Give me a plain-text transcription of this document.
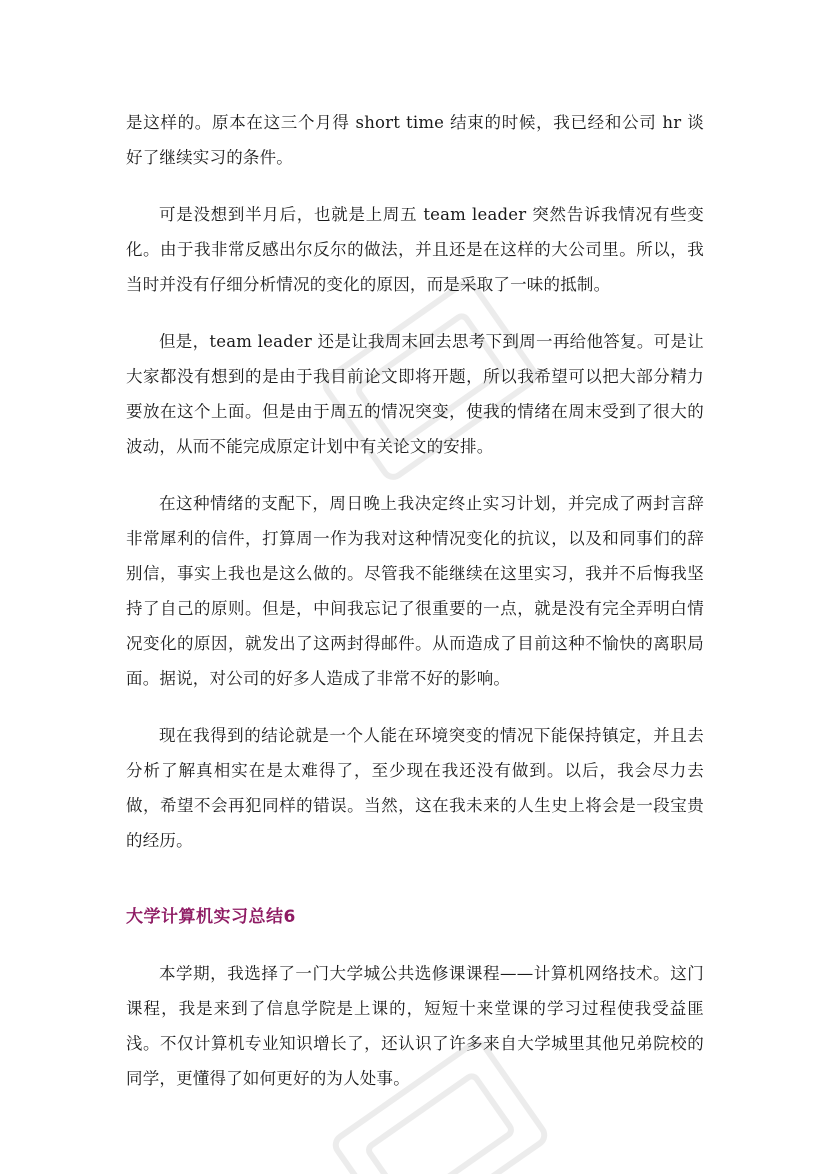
是这样的。原本在这三个月得 short time 结束的时候，我已经和公司 hr 谈好了继续实习的条件。

可是没想到半月后，也就是上周五 team leader 突然告诉我情况有些变化。由于我非常反感出尔反尔的做法，并且还是在这样的大公司里。所以，我当时并没有仔细分析情况的变化的原因，而是采取了一味的抵制。

但是，team leader 还是让我周末回去思考下到周一再给他答复。可是让大家都没有想到的是由于我目前论文即将开题，所以我希望可以把大部分精力要放在这个上面。但是由于周五的情况突变，使我的情绪在周末受到了很大的波动，从而不能完成原定计划中有关论文的安排。

在这种情绪的支配下，周日晚上我决定终止实习计划，并完成了两封言辞非常犀利的信件，打算周一作为我对这种情况变化的抗议，以及和同事们的辞别信，事实上我也是这么做的。尽管我不能继续在这里实习，我并不后悔我坚持了自己的原则。但是，中间我忘记了很重要的一点，就是没有完全弄明白情况变化的原因，就发出了这两封得邮件。从而造成了目前这种不愉快的离职局面。据说，对公司的好多人造成了非常不好的影响。

现在我得到的结论就是一个人能在环境突变的情况下能保持镇定，并且去分析了解真相实在是太难得了，至少现在我还没有做到。以后，我会尽力去做，希望不会再犯同样的错误。当然，这在我未来的人生史上将会是一段宝贵的经历。

大学计算机实习总结6

本学期，我选择了一门大学城公共选修课课程——计算机网络技术。这门课程，我是来到了信息学院是上课的，短短十来堂课的学习过程使我受益匪浅。不仅计算机专业知识增长了，还认识了许多来自大学城里其他兄弟院校的同学，更懂得了如何更好的为人处事。
